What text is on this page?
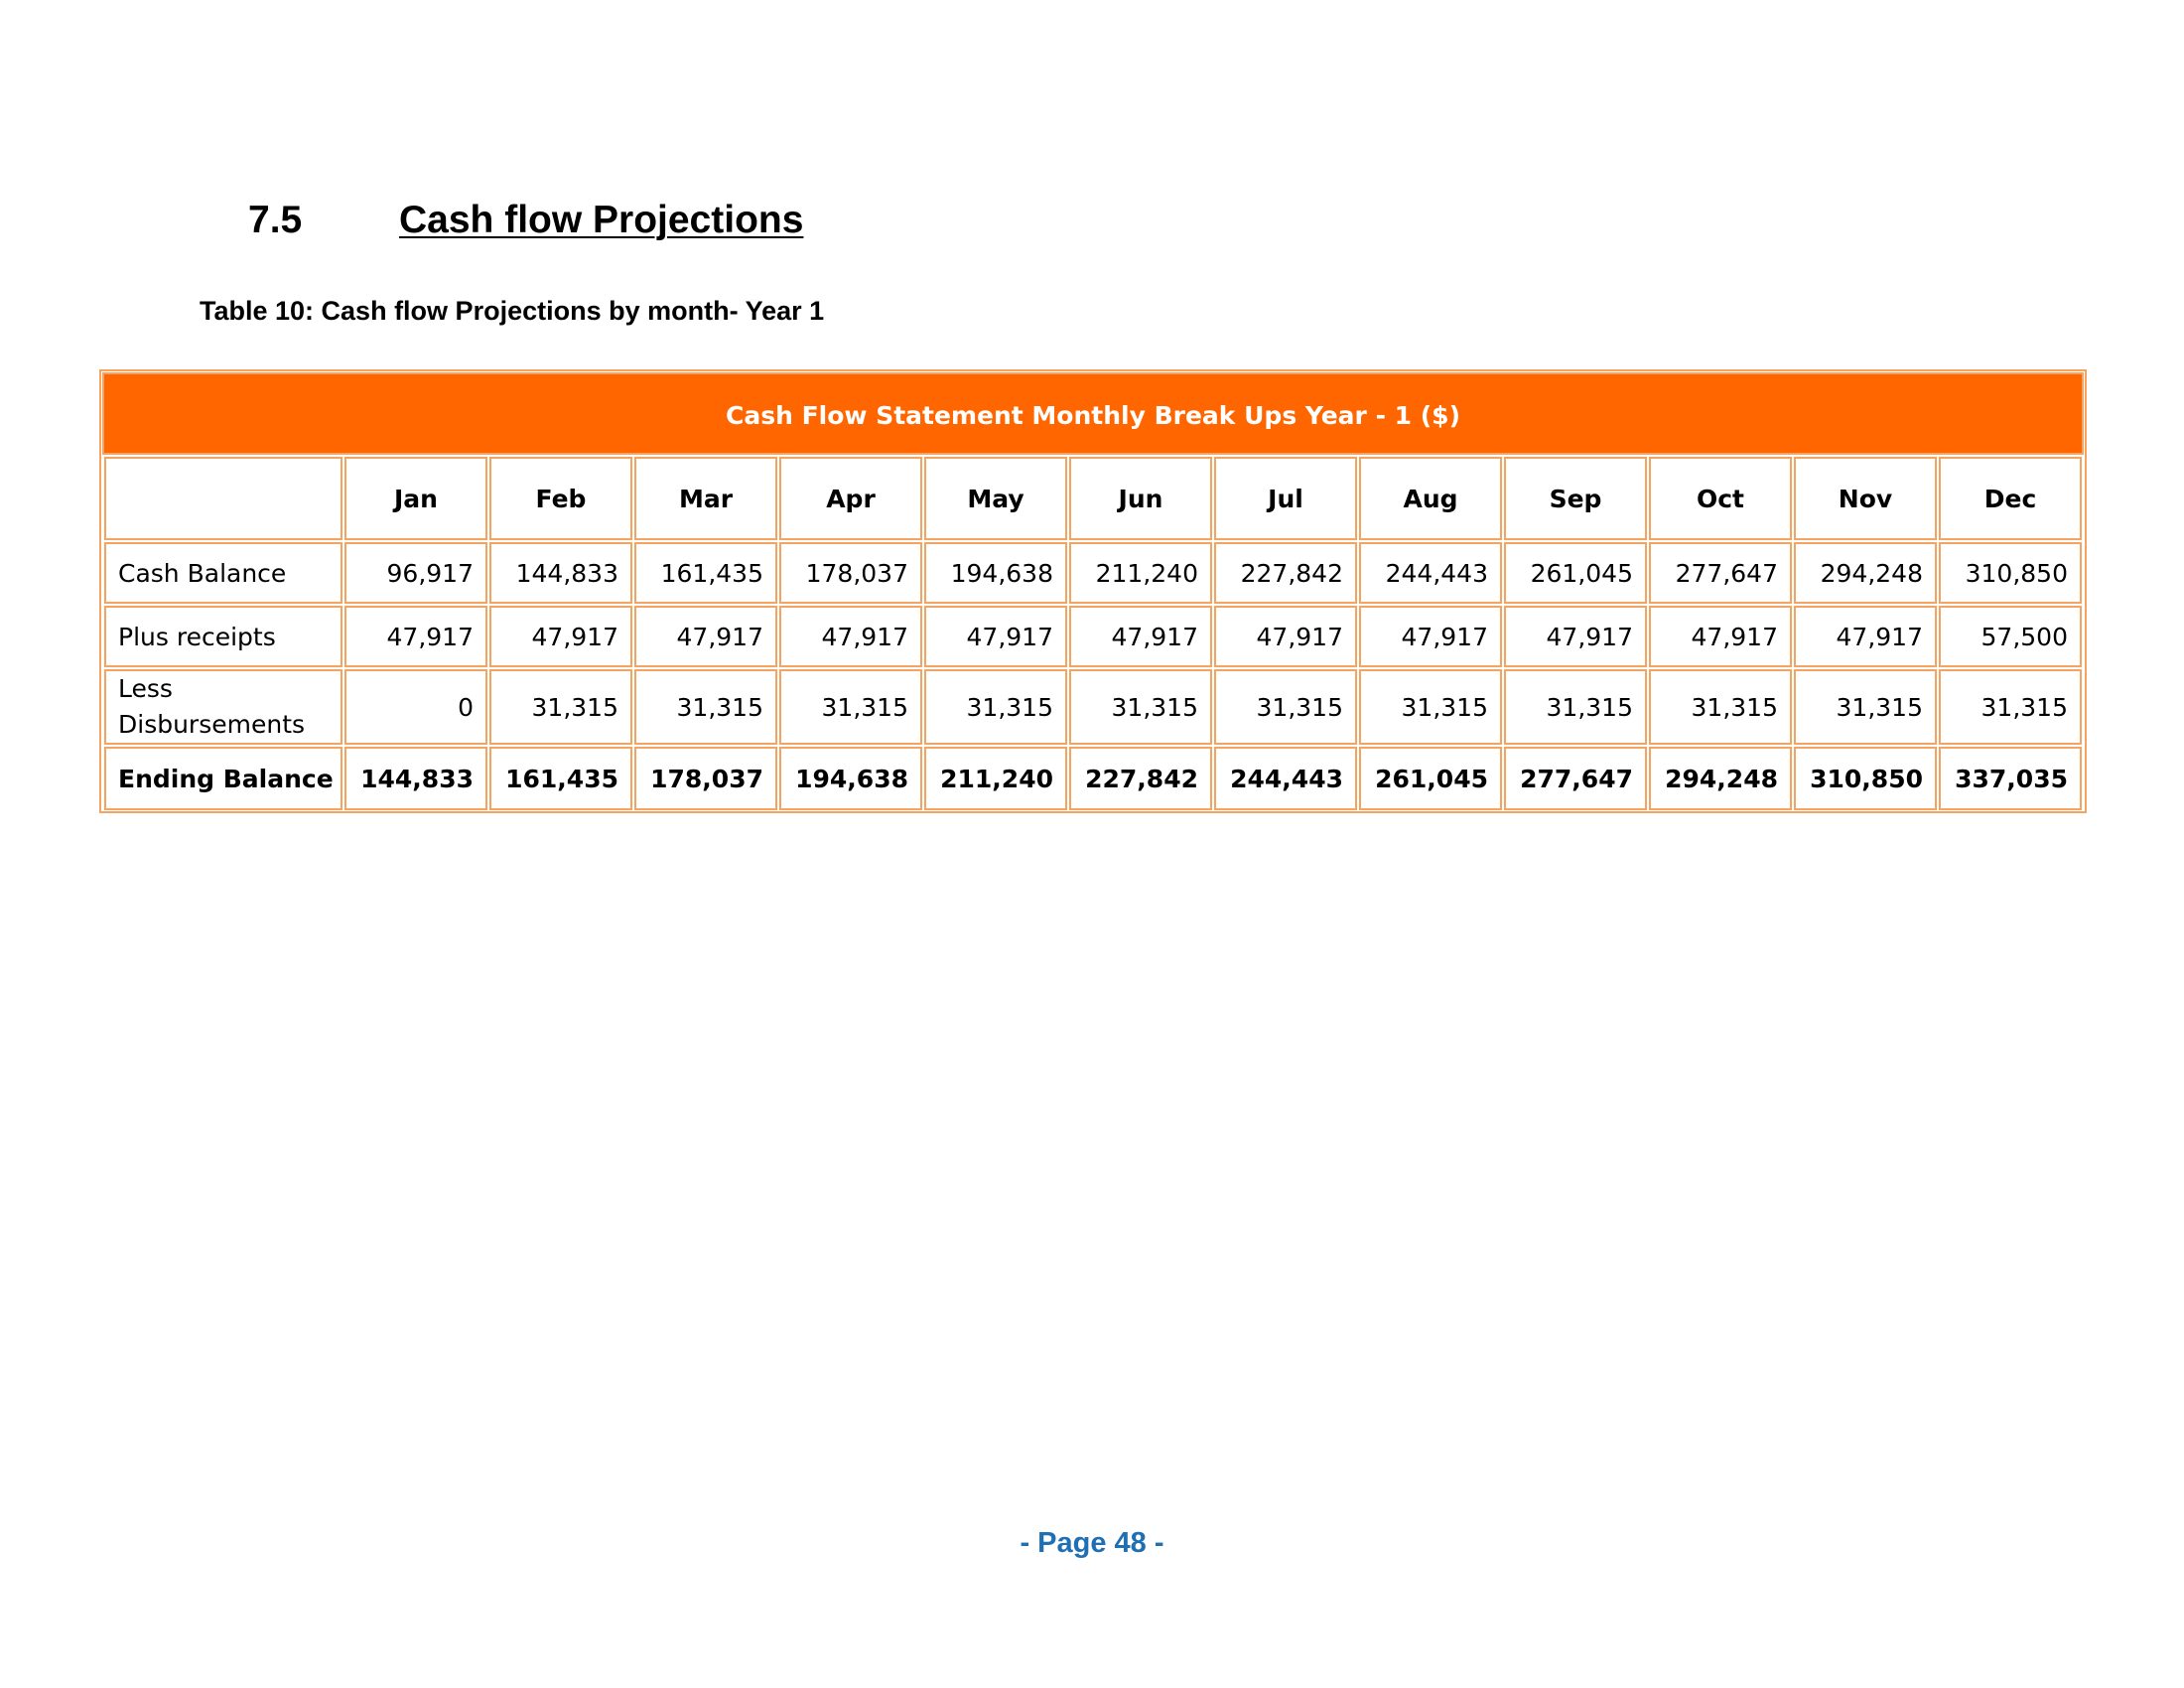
7.5	Cash flow Projections
Table 10: Cash flow Projections by month- Year 1
Cash Flow Statement Monthly Break Ups Year - 1 ($)
	Jan	Feb	Mar	Apr	May	Jun	Jul	Aug	Sep	Oct	Nov	Dec
Cash Balance	96,917	144,833	161,435	178,037	194,638	211,240	227,842	244,443	261,045	277,647	294,248	310,850
Plus receipts	47,917	47,917	47,917	47,917	47,917	47,917	47,917	47,917	47,917	47,917	47,917	57,500
Less Disbursements	0	31,315	31,315	31,315	31,315	31,315	31,315	31,315	31,315	31,315	31,315	31,315
Ending Balance	144,833	161,435	178,037	194,638	211,240	227,842	244,443	261,045	277,647	294,248	310,850	337,035
- Page 48 -
